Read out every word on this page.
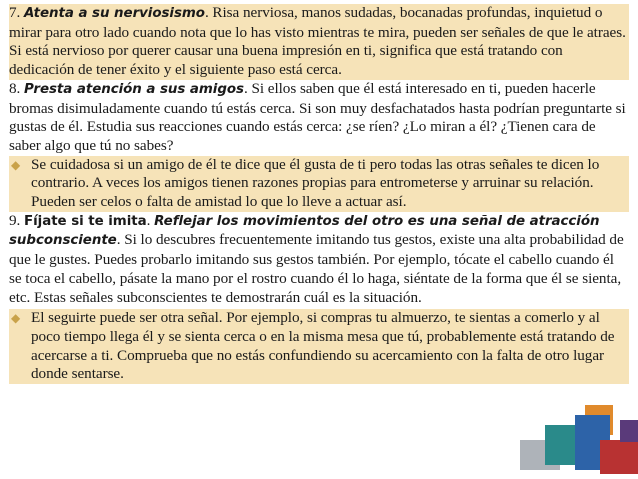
7. Atenta a su nerviosismo. Risa nerviosa, manos sudadas, bocanadas profundas, inquietud o mirar para otro lado cuando nota que lo has visto mientras te mira, pueden ser señales de que le atraes. Si está nervioso por querer causar una buena impresión en ti, significa que está tratando con dedicación de tener éxito y el siguiente paso está cerca.

8. Presta atención a sus amigos. Si ellos saben que él está interesado en ti, pueden hacerle bromas disimuladamente cuando tú estás cerca. Si son muy desfachatados hasta podrían preguntarte si gustas de él. Estudia sus reacciones cuando estás cerca: ¿se ríen? ¿Lo miran a él? ¿Tienen cara de saber algo que tú no sabes?

◆ Se cuidadosa si un amigo de él te dice que él gusta de ti pero todas las otras señales te dicen lo contrario. A veces los amigos tienen razones propias para entrometerse y arruinar su relación. Pueden ser celos o falta de amistad lo que lo lleve a actuar así.

9. Fíjate si te imita. Reflejar los movimientos del otro es una señal de atracción subconsciente. Si lo descubres frecuentemente imitando tus gestos, existe una alta probabilidad de que le gustes. Puedes probarlo imitando sus gestos también. Por ejemplo, tócate el cabello cuando él se toca el cabello, pásate la mano por el rostro cuando él lo haga, siéntate de la forma que él se sienta, etc. Estas señales subconscientes te demostrarán cuál es la situación.

◆ El seguirte puede ser otra señal. Por ejemplo, si compras tu almuerzo, te sientas a comerlo y al poco tiempo llega él y se sienta cerca o en la misma mesa que tú, probablemente está tratando de acercarse a ti. Comprueba que no estás confundiendo su acercamiento con la falta de otro lugar donde sentarse.
